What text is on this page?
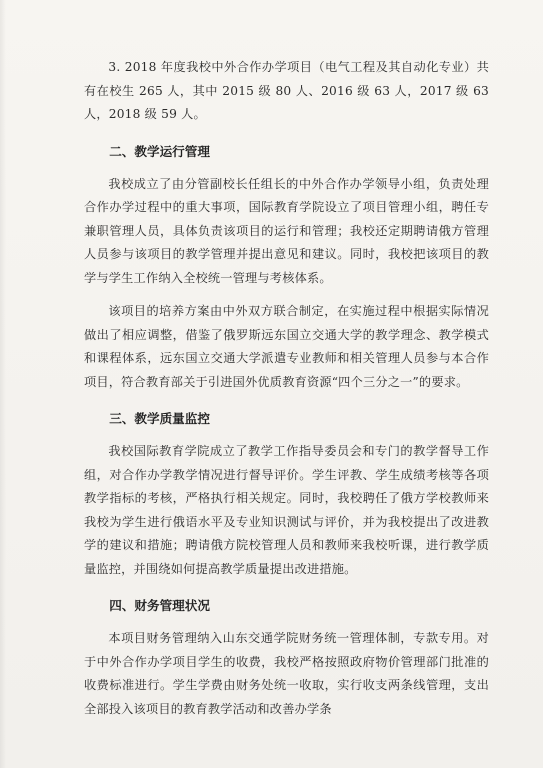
3. 2018 年度我校中外合作办学项目（电气工程及其自动化专业）共有在校生 265 人，其中 2015 级 80 人、2016 级 63 人，2017 级 63 人，2018 级 59 人。

二、教学运行管理

我校成立了由分管副校长任组长的中外合作办学领导小组，负责处理合作办学过程中的重大事项，国际教育学院设立了项目管理小组，聘任专兼职管理人员，具体负责该项目的运行和管理；我校还定期聘请俄方管理人员参与该项目的教学管理并提出意见和建议。同时，我校把该项目的教学与学生工作纳入全校统一管理与考核体系。

该项目的培养方案由中外双方联合制定，在实施过程中根据实际情况做出了相应调整，借鉴了俄罗斯远东国立交通大学的教学理念、教学模式和课程体系，远东国立交通大学派遣专业教师和相关管理人员参与本合作项目，符合教育部关于引进国外优质教育资源“四个三分之一”的要求。

三、教学质量监控

我校国际教育学院成立了教学工作指导委员会和专门的教学督导工作组，对合作办学教学情况进行督导评价。学生评教、学生成绩考核等各项教学指标的考核，严格执行相关规定。同时，我校聘任了俄方学校教师来我校为学生进行俄语水平及专业知识测试与评价，并为我校提出了改进教学的建议和措施；聘请俄方院校管理人员和教师来我校听课，进行教学质量监控，并围绕如何提高教学质量提出改进措施。

四、财务管理状况

本项目财务管理纳入山东交通学院财务统一管理体制，专款专用。对于中外合作办学项目学生的收费，我校严格按照政府物价管理部门批准的收费标准进行。学生学费由财务处统一收取，实行收支两条线管理，支出全部投入该项目的教育教学活动和改善办学条
